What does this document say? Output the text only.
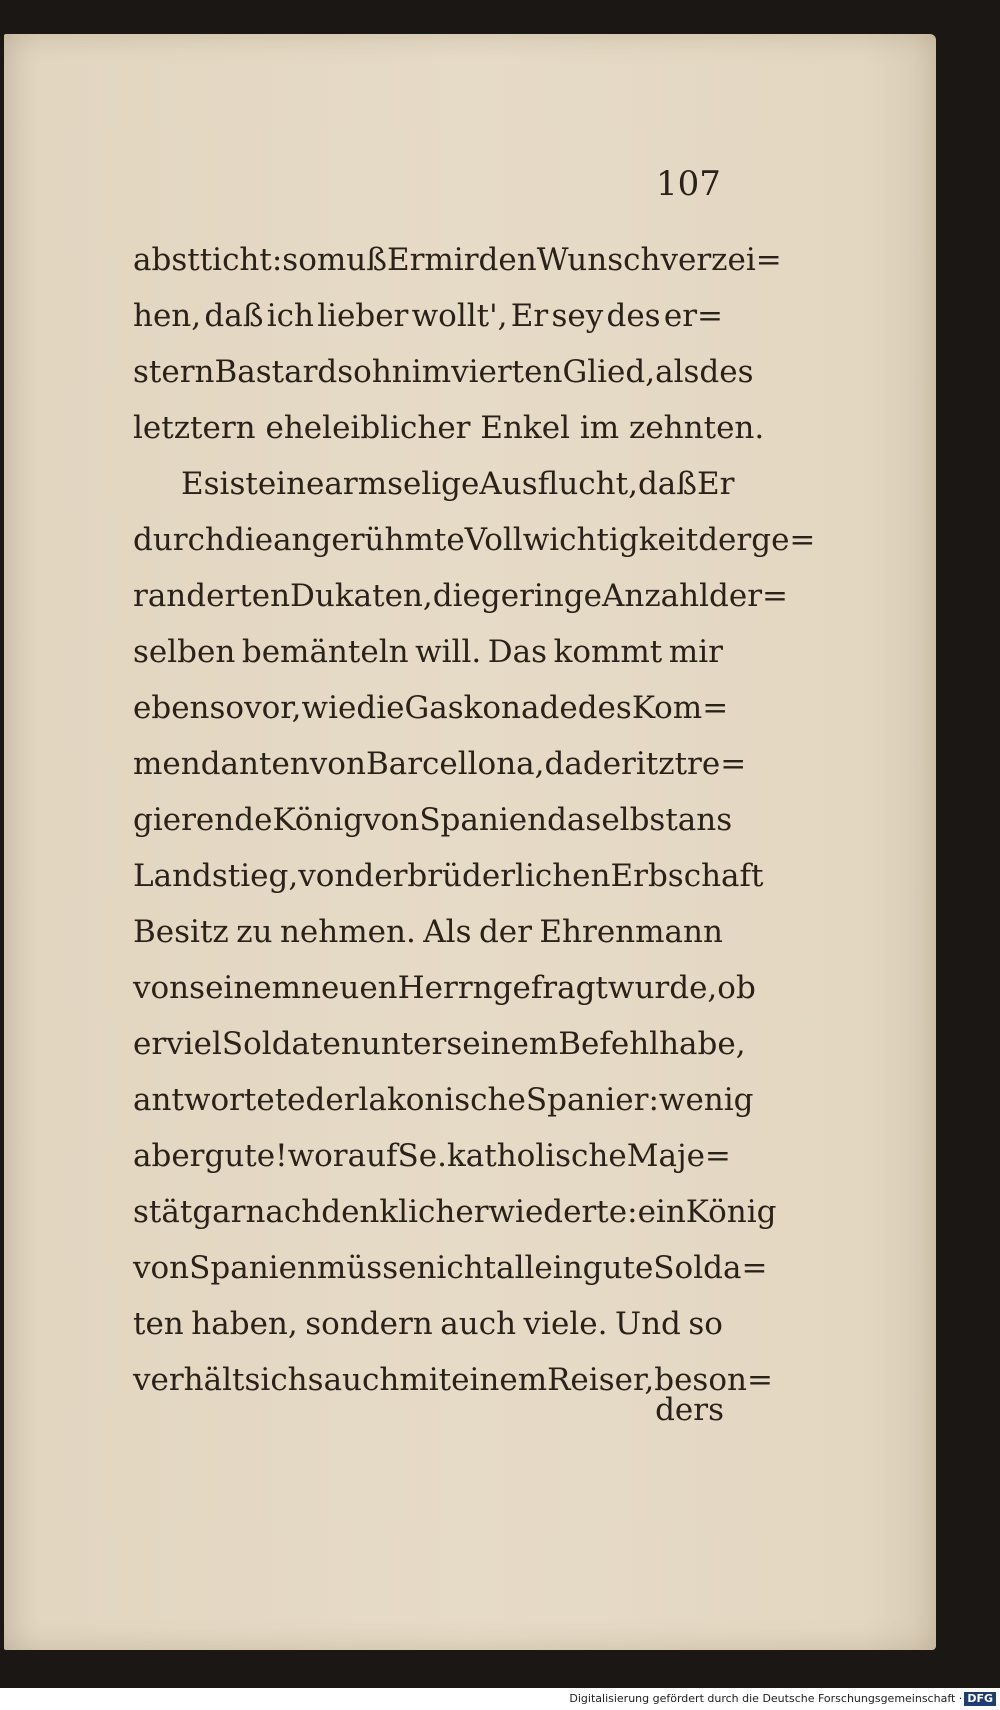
107
abstticht: so muß Er mir den Wunsch verzei=
hen, daß ich lieber wollt', Er sey des er=
stern Bastardsohn im vierten Glied, als des
letztern eheleiblicher Enkel im zehnten.
Es ist eine armselige Ausflucht, daß Er
durch die angerühmte Vollwichtigkeit der ge=
randerten Dukaten, die geringe Anzahl der=
selben bemänteln will. Das kommt mir
eben so vor, wie die Gaskonade des Kom=
mendanten von Barcellona, da der itztre=
gierende König von Spanien daselbst ans
Land stieg, von der brüderlichen Erbschaft
Besitz zu nehmen. Als der Ehrenmann
von seinem neuen Herrn gefragt wurde, ob
er viel Soldaten unter seinem Befehl habe,
antwortete der lakonische Spanier: wenig
aber gute! worauf Se. katholische Maje=
stät gar nachdenklich erwiederte: ein König
von Spanien müsse nicht allein gute Solda=
ten haben, sondern auch viele. Und so
verhält sichs auch mit einem Reiser, beson=
ders
Digitalisierung gefördert durch die Deutsche Forschungsgemeinschaft · DFG
